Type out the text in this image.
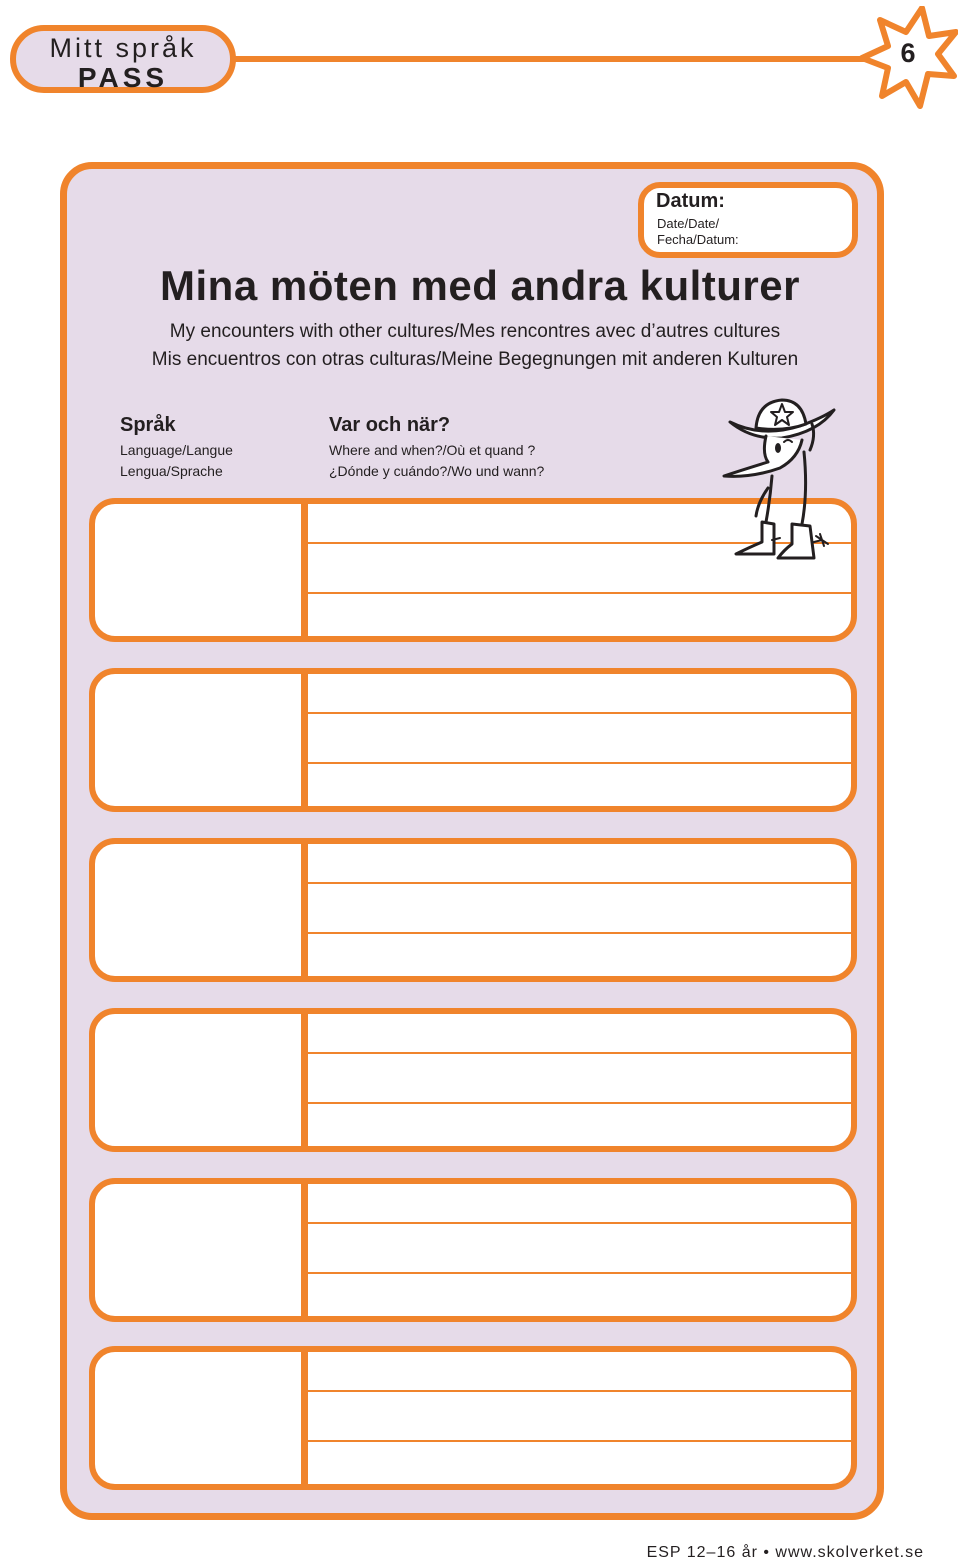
Mitt språk
PASS
6
Datum:
Date/Date/
Fecha/Datum:
Mina möten med andra kulturer
My encounters with other cultures/Mes rencontres avec d’autres cultures
Mis encuentros con otras culturas/Meine Begegnungen mit anderen Kulturen
Språk
Language/Langue
Lengua/Sprache
Var och när?
Where and when?/Où et quand ?
¿Dónde y cuándo?/Wo und wann?
ESP 12–16 år • www.skolverket.se
